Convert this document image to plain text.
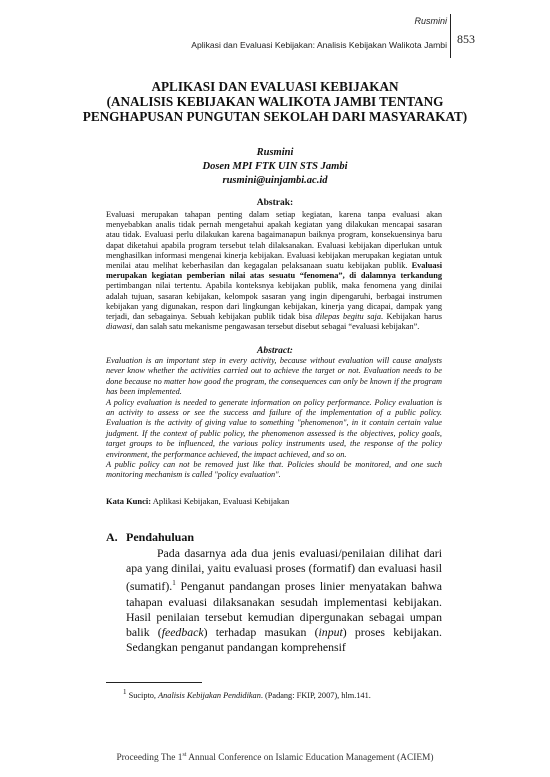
Rusmini
Aplikasi dan Evaluasi Kebijakan: Analisis Kebijakan Walikota Jambi 853
APLIKASI DAN EVALUASI KEBIJAKAN
(ANALISIS KEBIJAKAN WALIKOTA JAMBI TENTANG
PENGHAPUSAN PUNGUTAN SEKOLAH DARI MASYARAKAT)
Rusmini
Dosen MPI FTK UIN STS Jambi
rusmini@uinjambi.ac.id
Abstrak:
Evaluasi merupakan tahapan penting dalam setiap kegiatan, karena tanpa evaluasi akan menyebabkan analis tidak pernah mengetahui apakah kegiatan yang dilakukan mencapai sasaran atau tidak. Evaluasi perlu dilakukan karena bagaimanapun baiknya program, konsekuensinya baru dapat diketahui apabila program tersebut telah dilaksanakan. Evaluasi kebijakan diperlukan untuk menghasilkan informasi mengenai kinerja kebijakan. Evaluasi kebijakan merupakan kegiatan untuk menilai atau melihat keberhasilan dan kegagalan pelaksanaan suatu kebijakan publik. Evaluasi merupakan kegiatan pemberian nilai atas sesuatu “fenomena”, di dalamnya terkandung pertimbangan nilai tertentu. Apabila konteksnya kebijakan publik, maka fenomena yang dinilai adalah tujuan, sasaran kebijakan, kelompok sasaran yang ingin dipengaruhi, berbagai instrumen kebijakan yang digunakan, respon dari lingkungan kebijakan, kinerja yang dicapai, dampak yang terjadi, dan sebagainya. Sebuah kebijakan publik tidak bisa dilepas begitu saja. Kebijakan harus diawasi, dan salah satu mekanisme pengawasan tersebut disebut sebagai “evaluasi kebijakan”.
Abstract:

Evaluation is an important step in every activity, because without evaluation will cause analysts never know whether the activities carried out to achieve the target or not. Evaluation needs to be done because no matter how good the program, the consequences can only be known if the program has been implemented.

A policy evaluation is needed to generate information on policy performance. Policy evaluation is an activity to assess or see the success and failure of the implementation of a public policy. Evaluation is the activity of giving value to something "phenomenon", in it contain certain value judgment. If the context of public policy, the phenomenon assessed is the objectives, policy goals, target groups to be influenced, the various policy instruments used, the response of the policy environment, the performance achieved, the impact achieved, and so on.

A public policy can not be removed just like that. Policies should be monitored, and one such monitoring mechanism is called "policy evaluation".

Kata Kunci: Aplikasi Kebijakan, Evaluasi Kebijakan
A. Pendahuluan

Pada dasarnya ada dua jenis evaluasi/penilaian dilihat dari apa yang dinilai, yaitu evaluasi proses (formatif) dan evaluasi hasil (sumatif).$^1$ Penganut pandangan proses linier menyatakan bahwa tahapan evaluasi dilaksanakan sesudah implementasi kebijakan. Hasil penilaian tersebut kemudian dipergunakan sebagai umpan balik (feedback) terhadap masukan (input) proses kebijakan. Sedangkan penganut pandangan komprehensif

$^1$ Sucipto, Analisis Kebijakan Pendidikan. (Padang: FKIP, 2007), hlm.141.
Proceeding The 1st Annual Conference on Islamic Education Management (ACIEM)
